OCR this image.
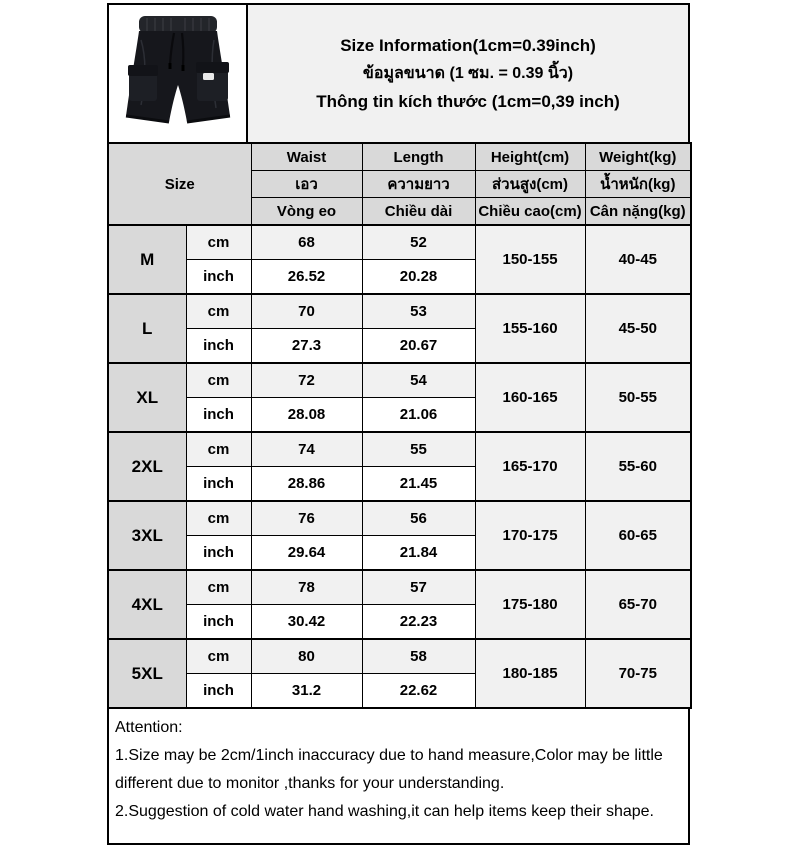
Size Information(1cm=0.39inch)
ข้อมูลขนาด (1 ซม. = 0.39 นิ้ว)
Thông tin kích thước (1cm=0,39 inch)
Size		Waist	Length	Height(cm)	Weight(kg)
		เอว	ความยาว	ส่วนสูง(cm)	น้ำหนัก(kg)
		Vòng eo	Chiều dài	Chiều cao(cm)	Cân nặng(kg)
M	cm	68	52	150-155	40-45
	inch	26.52	20.28		
L	cm	70	53	155-160	45-50
	inch	27.3	20.67		
XL	cm	72	54	160-165	50-55
	inch	28.08	21.06		
2XL	cm	74	55	165-170	55-60
	inch	28.86	21.45		
3XL	cm	76	56	170-175	60-65
	inch	29.64	21.84		
4XL	cm	78	57	175-180	65-70
	inch	30.42	22.23		
5XL	cm	80	58	180-185	70-75
	inch	31.2	22.62		

Attention:

1.Size may be 2cm/1inch inaccuracy due to hand measure,Color may be little different due to monitor ,thanks for your understanding.

2.Suggestion of cold water hand washing,it can help items keep their shape.
